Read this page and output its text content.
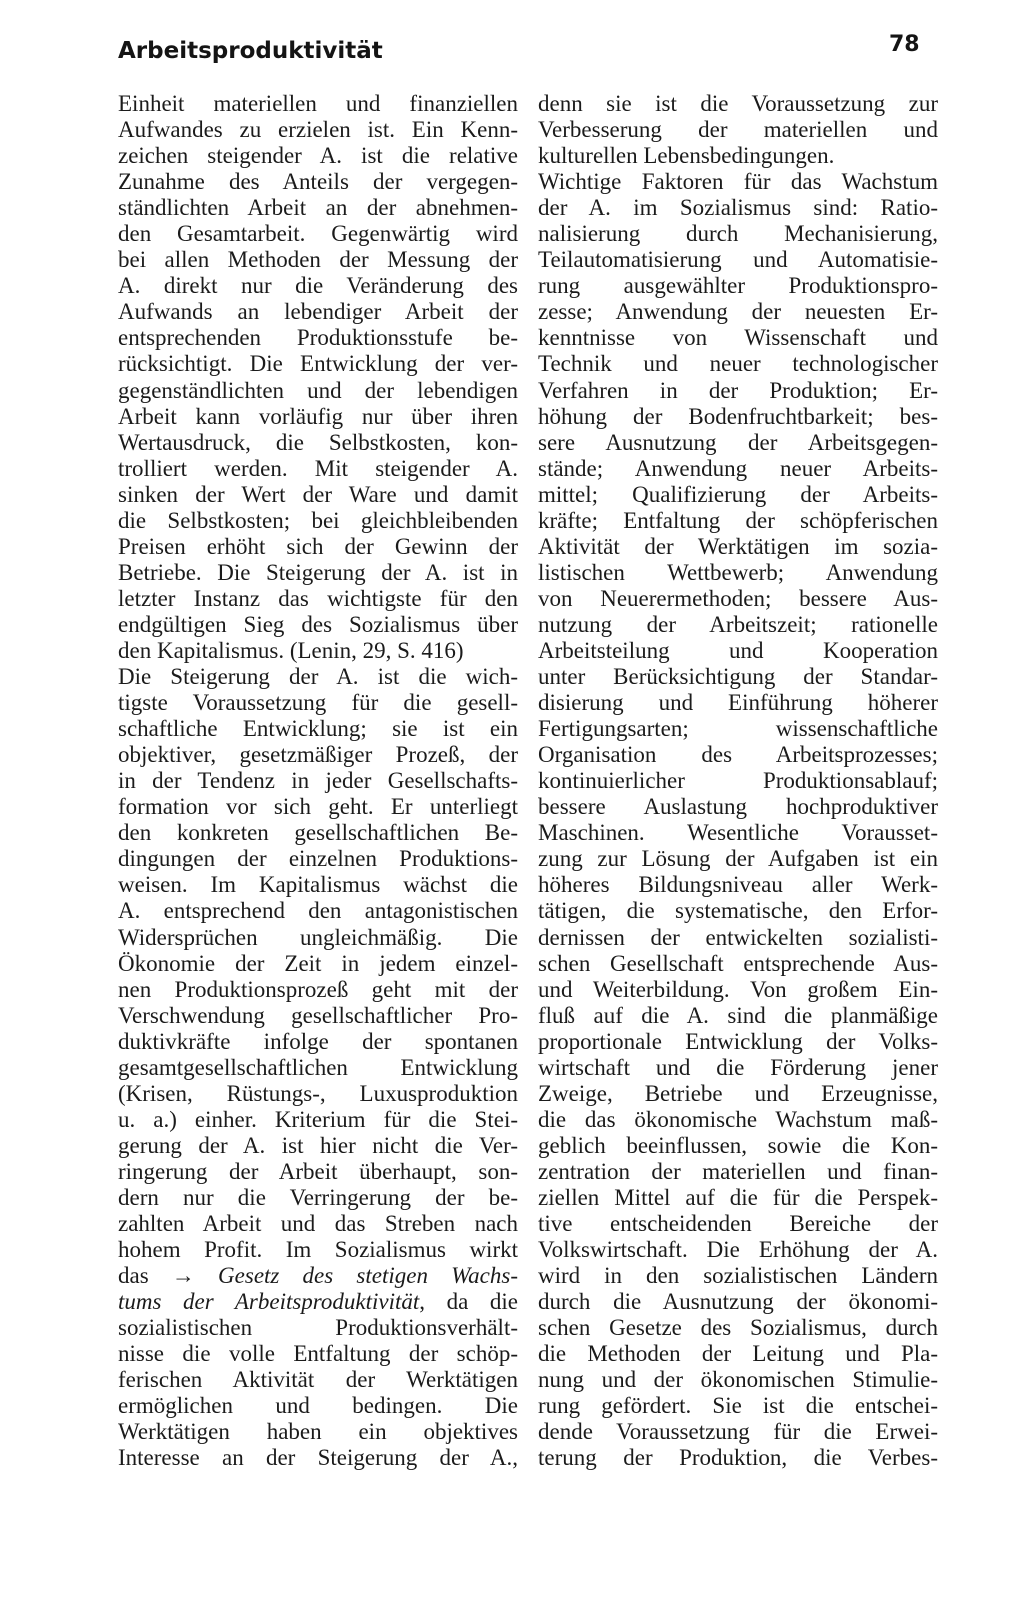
Arbeitsproduktivität	78
Einheit materiellen und finanziellen
Aufwandes zu erzielen ist. Ein Kenn-
zeichen steigender A. ist die relative
Zunahme des Anteils der vergegen-
ständlichten Arbeit an der abnehmen-
den Gesamtarbeit. Gegenwärtig wird
bei allen Methoden der Messung der
A. direkt nur die Veränderung des
Aufwands an lebendiger Arbeit der
entsprechenden Produktionsstufe be-
rücksichtigt. Die Entwicklung der ver-
gegenständlichten und der lebendigen
Arbeit kann vorläufig nur über ihren
Wertausdruck, die Selbstkosten, kon-
trolliert werden. Mit steigender A.
sinken der Wert der Ware und damit
die Selbstkosten; bei gleichbleibenden
Preisen erhöht sich der Gewinn der
Betriebe. Die Steigerung der A. ist in
letzter Instanz das wichtigste für den
endgültigen Sieg des Sozialismus über
den Kapitalismus. (Lenin, 29, S. 416)
Die Steigerung der A. ist die wich-
tigste Voraussetzung für die gesell-
schaftliche Entwicklung; sie ist ein
objektiver, gesetzmäßiger Prozeß, der
in der Tendenz in jeder Gesellschafts-
formation vor sich geht. Er unterliegt
den konkreten gesellschaftlichen Be-
dingungen der einzelnen Produktions-
weisen. Im Kapitalismus wächst die
A. entsprechend den antagonistischen
Widersprüchen ungleichmäßig. Die
Ökonomie der Zeit in jedem einzel-
nen Produktionsprozeß geht mit der
Verschwendung gesellschaftlicher Pro-
duktivkräfte infolge der spontanen
gesamtgesellschaftlichen Entwicklung
(Krisen, Rüstungs-, Luxusproduktion
u. a.) einher. Kriterium für die Stei-
gerung der A. ist hier nicht die Ver-
ringerung der Arbeit überhaupt, son-
dern nur die Verringerung der be-
zahlten Arbeit und das Streben nach
hohem Profit. Im Sozialismus wirkt
das → Gesetz des stetigen Wachs-
tums der Arbeitsproduktivität, da die
sozialistischen Produktionsverhält-
nisse die volle Entfaltung der schöp-
ferischen Aktivität der Werktätigen
ermöglichen und bedingen. Die
Werktätigen haben ein objektives
Interesse an der Steigerung der A.,
denn sie ist die Voraussetzung zur
Verbesserung der materiellen und
kulturellen Lebensbedingungen.
Wichtige Faktoren für das Wachstum
der A. im Sozialismus sind: Ratio-
nalisierung durch Mechanisierung,
Teilautomatisierung und Automatisie-
rung ausgewählter Produktionspro-
zesse; Anwendung der neuesten Er-
kenntnisse von Wissenschaft und
Technik und neuer technologischer
Verfahren in der Produktion; Er-
höhung der Bodenfruchtbarkeit; bes-
sere Ausnutzung der Arbeitsgegen-
stände; Anwendung neuer Arbeits-
mittel; Qualifizierung der Arbeits-
kräfte; Entfaltung der schöpferischen
Aktivität der Werktätigen im sozia-
listischen Wettbewerb; Anwendung
von Neuerermethoden; bessere Aus-
nutzung der Arbeitszeit; rationelle
Arbeitsteilung und Kooperation
unter Berücksichtigung der Standar-
disierung und Einführung höherer
Fertigungsarten; wissenschaftliche
Organisation des Arbeitsprozesses;
kontinuierlicher Produktionsablauf;
bessere Auslastung hochproduktiver
Maschinen. Wesentliche Vorausset-
zung zur Lösung der Aufgaben ist ein
höheres Bildungsniveau aller Werk-
tätigen, die systematische, den Erfor-
dernissen der entwickelten sozialisti-
schen Gesellschaft entsprechende Aus-
und Weiterbildung. Von großem Ein-
fluß auf die A. sind die planmäßige
proportionale Entwicklung der Volks-
wirtschaft und die Förderung jener
Zweige, Betriebe und Erzeugnisse,
die das ökonomische Wachstum maß-
geblich beeinflussen, sowie die Kon-
zentration der materiellen und finan-
ziellen Mittel auf die für die Perspek-
tive entscheidenden Bereiche der
Volkswirtschaft. Die Erhöhung der A.
wird in den sozialistischen Ländern
durch die Ausnutzung der ökonomi-
schen Gesetze des Sozialismus, durch
die Methoden der Leitung und Pla-
nung und der ökonomischen Stimulie-
rung gefördert. Sie ist die entschei-
dende Voraussetzung für die Erwei-
terung der Produktion, die Verbes-
